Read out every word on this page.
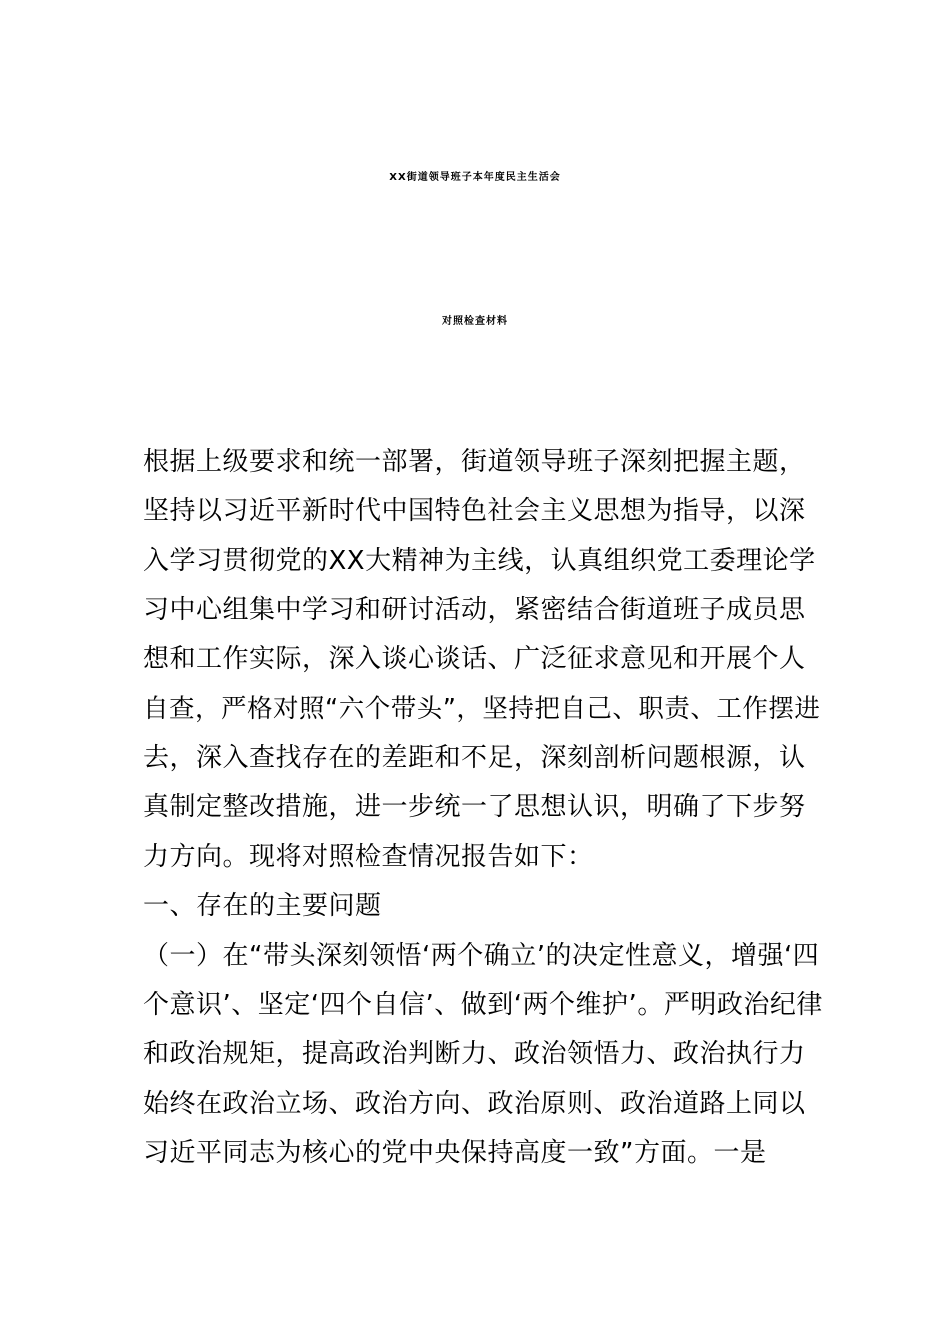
XX街道领导班子本年度民主生活会
对照检查材料
根据上级要求和统一部署，街道领导班子深刻把握主题，
坚持以习近平新时代中国特色社会主义思想为指导，以深
入学习贯彻党的XX大精神为主线，认真组织党工委理论学
习中心组集中学习和研讨活动，紧密结合街道班子成员思
想和工作实际，深入谈心谈话、广泛征求意见和开展个人
自查，严格对照“六个带头”，坚持把自己、职责、工作摆进
去，深入查找存在的差距和不足，深刻剖析问题根源，认
真制定整改措施，进一步统一了思想认识，明确了下步努
力方向。现将对照检查情况报告如下：
一、存在的主要问题
（一）在“带头深刻领悟‘两个确立’的决定性意义，增强‘四
个意识’、坚定‘四个自信’、做到‘两个维护’。严明政治纪律
和政治规矩，提高政治判断力、政治领悟力、政治执行力
始终在政治立场、政治方向、政治原则、政治道路上同以
习近平同志为核心的党中央保持高度一致”方面。一是
